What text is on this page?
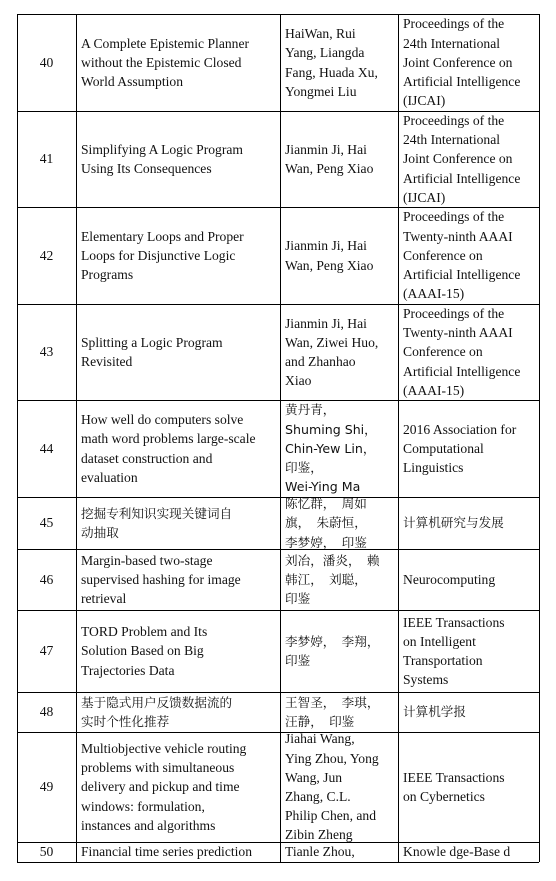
40
A Complete Epistemic Planner
without the Epistemic Closed
World Assumption
HaiWan, Rui
Yang, Liangda
Fang, Huada Xu,
Yongmei Liu
Proceedings of the
24th International
Joint Conference on
Artificial Intelligence
(IJCAI)
41
Simplifying A Logic Program
Using Its Consequences
Jianmin Ji, Hai
Wan, Peng Xiao
Proceedings of the
24th International
Joint Conference on
Artificial Intelligence
(IJCAI)
42
Elementary Loops and Proper
Loops for Disjunctive Logic
Programs
Jianmin Ji, Hai
Wan, Peng Xiao
Proceedings of the
Twenty-ninth AAAI
Conference on
Artificial Intelligence
(AAAI-15)
43
Splitting a Logic Program
Revisited
Jianmin Ji, Hai
Wan, Ziwei Huo,
and Zhanhao
Xiao
Proceedings of the
Twenty-ninth AAAI
Conference on
Artificial Intelligence
(AAAI-15)
44
How well do computers solve
math word problems large-scale
dataset construction and
evaluation
黄丹青，
Shuming Shi，
Chin-Yew Lin，
印鉴，
Wei-Ying Ma
2016 Association for
Computational
Linguistics
45
挖掘专利知识实现关键词自
动抽取
陈忆群，　周如
旗，　朱蔚恒，
李梦婷，　印鉴
计算机研究与发展
46
Margin-based two-stage
supervised hashing for image
retrieval
刘冶，潘炎，　赖
韩江，　刘聪，
印鉴
Neurocomputing
47
TORD Problem and Its
Solution Based on Big
Trajectories Data
李梦婷，　李翔，
印鉴
IEEE Transactions
on Intelligent
Transportation
Systems
48
基于隐式用户反馈数据流的
实时个性化推荐
王智圣，　李琪，
汪静，　印鉴
计算机学报
49
Multiobjective vehicle routing
problems with simultaneous
delivery and pickup and time
windows: formulation,
instances and algorithms
Jiahai Wang,
Ying Zhou, Yong
Wang, Jun
Zhang, C.L.
Philip Chen, and
Zibin Zheng
IEEE Transactions
on Cybernetics
50 Financial time series prediction Tianle Zhou,	Knowle dge-Base d
